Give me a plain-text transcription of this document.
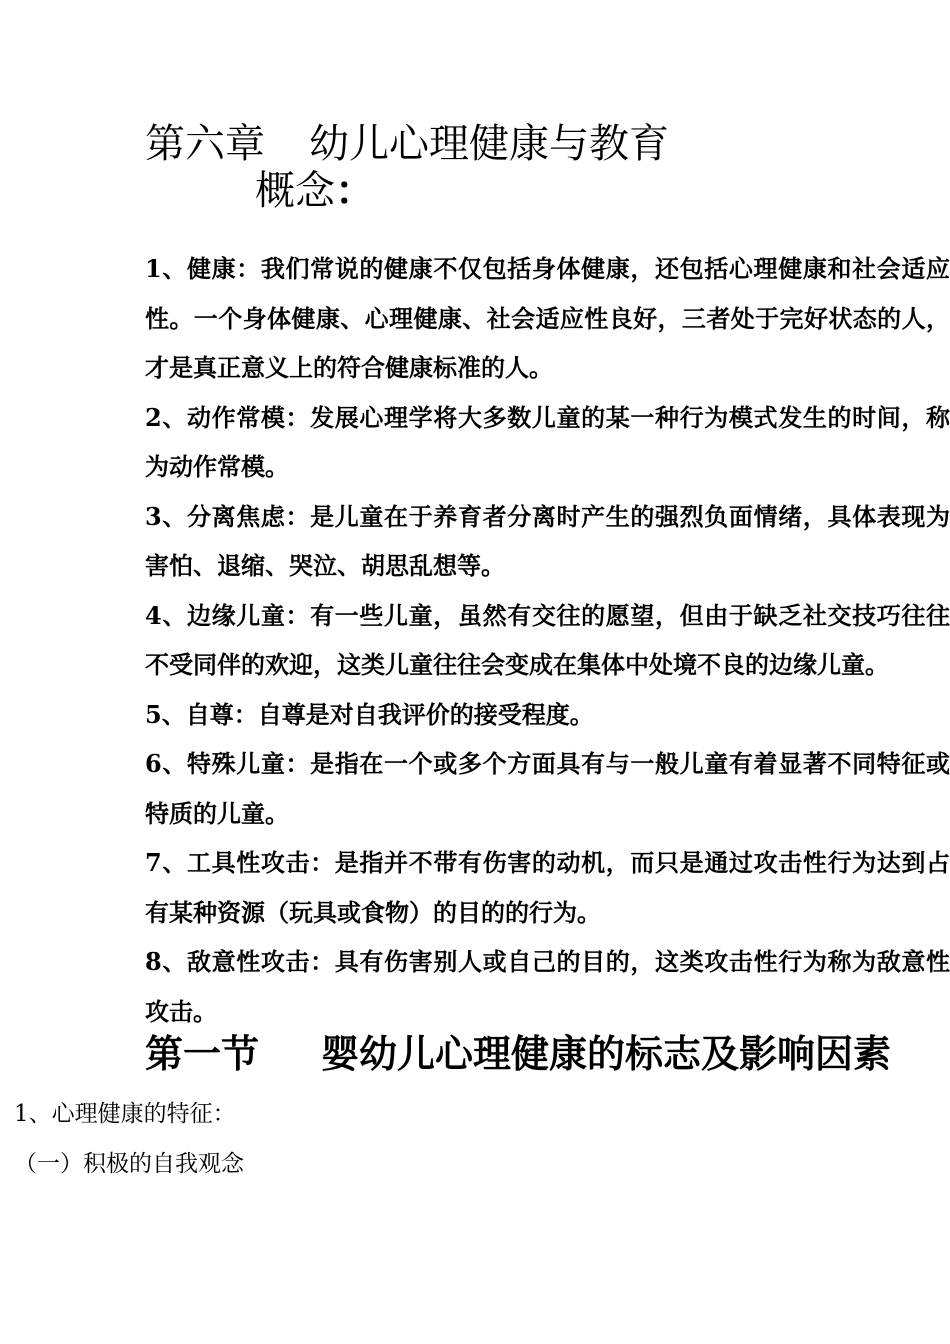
第六章 幼儿心理健康与教育
概念：

1、健康：我们常说的健康不仅包括身体健康，还包括心理健康和社会适应性。一个身体健康、心理健康、社会适应性良好，三者处于完好状态的人，才是真正意义上的符合健康标准的人。

2、动作常模：发展心理学将大多数儿童的某一种行为模式发生的时间，称为动作常模。

3、分离焦虑：是儿童在于养育者分离时产生的强烈负面情绪，具体表现为害怕、退缩、哭泣、胡思乱想等。

4、边缘儿童：有一些儿童，虽然有交往的愿望，但由于缺乏社交技巧往往不受同伴的欢迎，这类儿童往往会变成在集体中处境不良的边缘儿童。

5、自尊：自尊是对自我评价的接受程度。

6、特殊儿童：是指在一个或多个方面具有与一般儿童有着显著不同特征或特质的儿童。

7、工具性攻击：是指并不带有伤害的动机，而只是通过攻击性行为达到占有某种资源（玩具或食物）的目的的行为。

8、敌意性攻击：具有伤害别人或自己的目的，这类攻击性行为称为敌意性攻击。

第一节 婴幼儿心理健康的标志及影响因素
1、心理健康的特征：
（一）积极的自我观念
